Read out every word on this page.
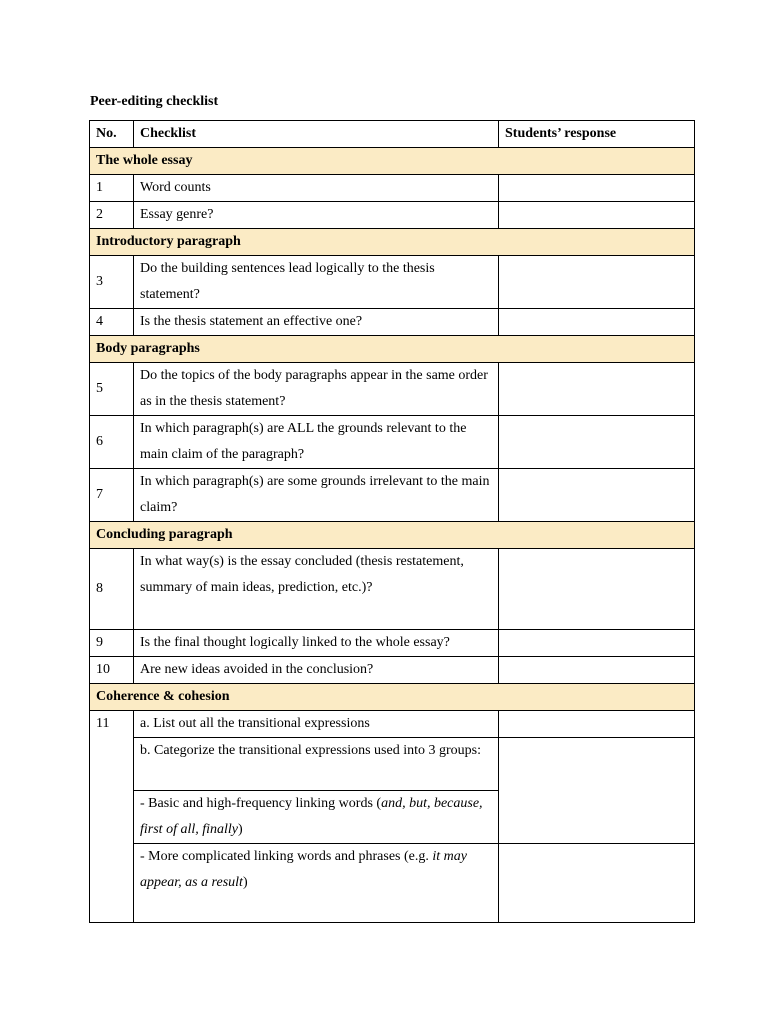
Peer-editing checklist
No.	Checklist	Students’ response
The whole essay		
1	Word counts	
2	Essay genre?	
Introductory paragraph		
3	Do the building sentences lead logically to the thesis statement?	
4	Is the thesis statement an effective one?	
Body paragraphs		
5	Do the topics of the body paragraphs appear in the same order as in the thesis statement?	
6	In which paragraph(s) are ALL the grounds relevant to the main claim of the paragraph?	
7	In which paragraph(s) are some grounds irrelevant to the main claim?	
Concluding paragraph		
8	In what way(s) is the essay concluded (thesis restatement, summary of main ideas, prediction, etc.)?	
9	Is the final thought logically linked to the whole essay?	
10	Are new ideas avoided in the conclusion?	
Coherence & cohesion		
11	a. List out all the transitional expressions	
	b. Categorize the transitional expressions used into 3 groups:	
	- Basic and high-frequency linking words (and, but, because, first of all, finally)	
	- More complicated linking words and phrases (e.g. it may appear, as a result)	
